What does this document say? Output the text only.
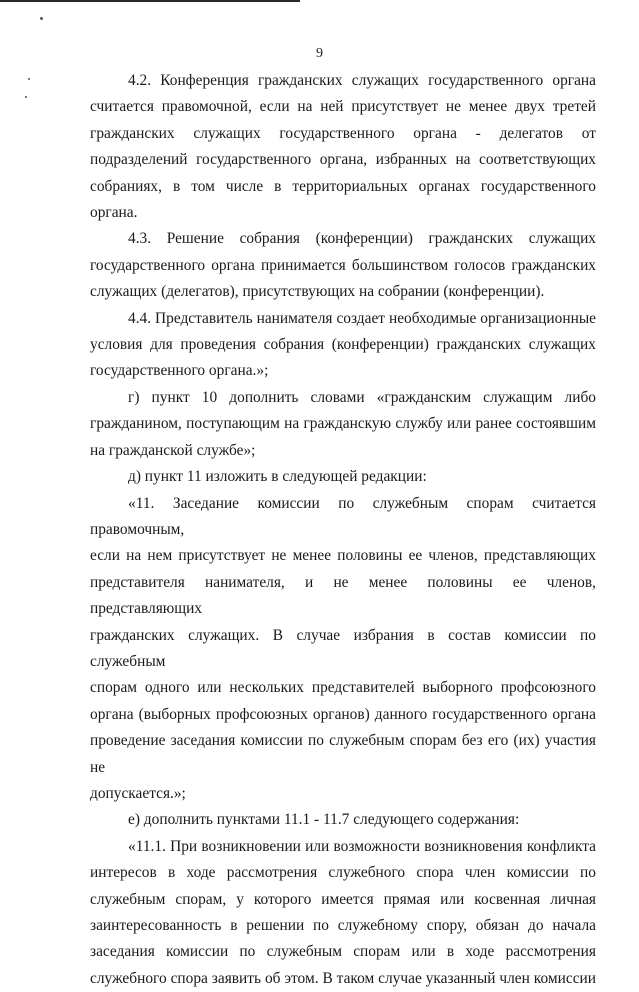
9

4.2. Конференция гражданских служащих государственного органа
считается правомочной, если на ней присутствует не менее двух третей
гражданских служащих государственного органа - делегатов от
подразделений государственного органа, избранных на соответствующих
собраниях, в том числе в территориальных органах государственного органа.

4.3. Решение собрания (конференции) гражданских служащих
государственного органа принимается большинством голосов гражданских
служащих (делегатов), присутствующих на собрании (конференции).

4.4. Представитель нанимателя создает необходимые организационные
условия для проведения собрания (конференции) гражданских служащих
государственного органа.»;

г) пункт 10 дополнить словами «гражданским служащим либо
гражданином, поступающим на гражданскую службу или ранее состоявшим
на гражданской службе»;

д) пункт 11 изложить в следующей редакции:

«11. Заседание комиссии по служебным спорам считается правомочным,
если на нем присутствует не менее половины ее членов, представляющих
представителя нанимателя, и не менее половины ее членов, представляющих
гражданских служащих. В случае избрания в состав комиссии по служебным
спорам одного или нескольких представителей выборного профсоюзного
органа (выборных профсоюзных органов) данного государственного органа
проведение заседания комиссии по служебным спорам без его (их) участия не
допускается.»;

е) дополнить пунктами 11.1 - 11.7 следующего содержания:

«11.1. При возникновении или возможности возникновения конфликта
интересов в ходе рассмотрения служебного спора член комиссии по
служебным спорам, у которого имеется прямая или косвенная личная
заинтересованность в решении по служебному спору, обязан до начала
заседания комиссии по служебным спорам или в ходе рассмотрения
служебного спора заявить об этом. В таком случае указанный член комиссии
